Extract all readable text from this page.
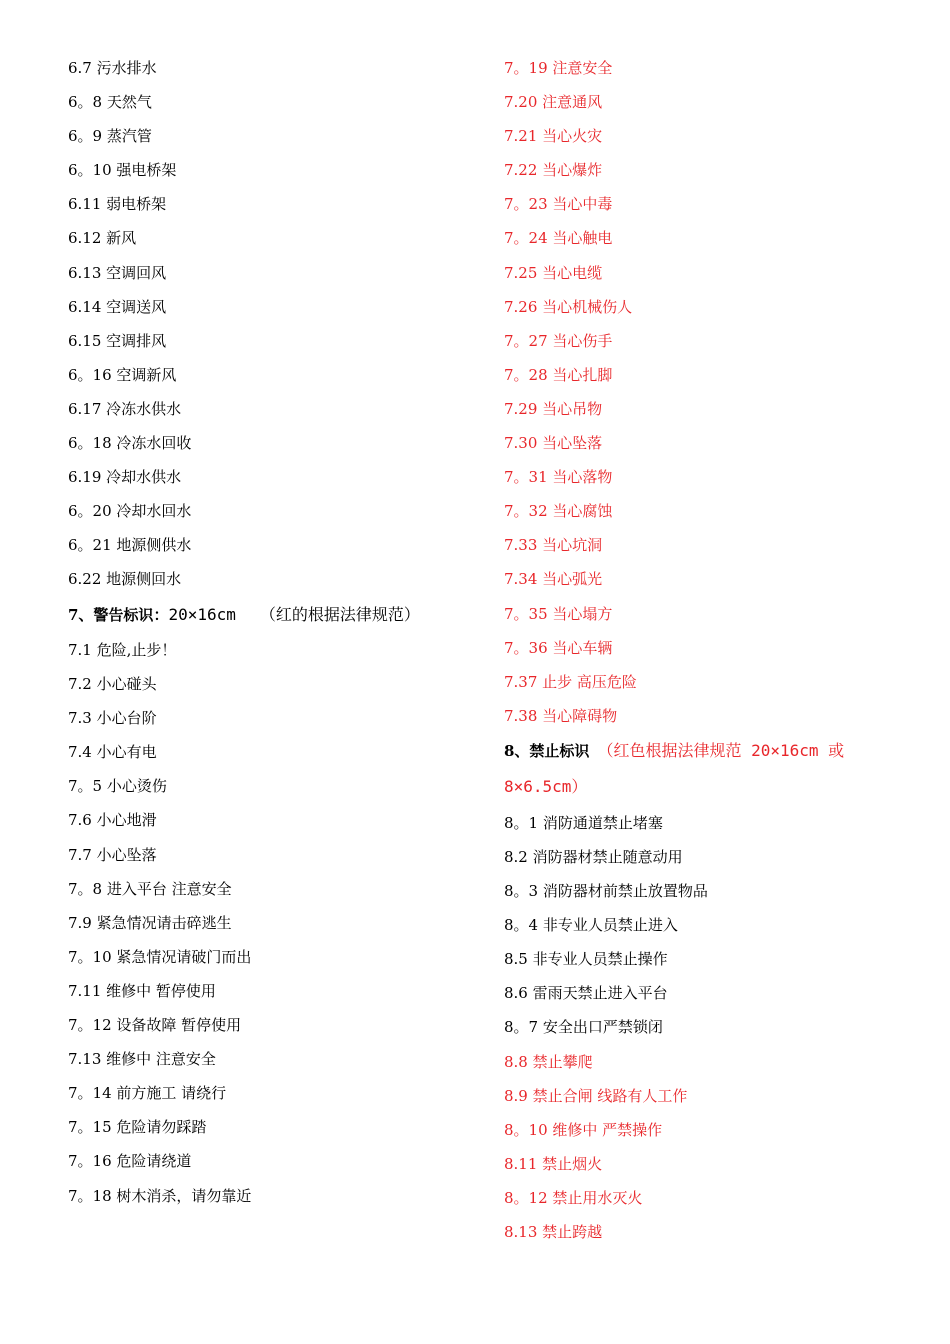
6.7 污水排水
6。8 天然气
6。9 蒸汽管
6。10 强电桥架
6.11 弱电桥架
6.12 新风
6.13 空调回风
6.14 空调送风
6.15 空调排风
6。16 空调新风
6.17 冷冻水供水
6。18 冷冻水回收
6.19 冷却水供水
6。20 冷却水回水
6。21 地源侧供水
6.22 地源侧回水
7、警告标识：20×16cm　　（红的根据法律规范）
7.1 危险,止步！
7.2 小心碰头
7.3 小心台阶
7.4 小心有电
7。5 小心烫伤
7.6 小心地滑
7.7 小心坠落
7。8 进入平台 注意安全
7.9 紧急情况请击碎逃生
7。10 紧急情况请破门而出
7.11 维修中 暂停使用
7。12 设备故障 暂停使用
7.13 维修中 注意安全
7。14 前方施工 请绕行
7。15 危险请勿踩踏
7。16 危险请绕道
7。18 树木消杀，请勿靠近
7。19 注意安全
7.20 注意通风
7.21 当心火灾
7.22 当心爆炸
7。23 当心中毒
7。24 当心触电
7.25 当心电缆
7.26 当心机械伤人
7。27 当心伤手
7。28 当心扎脚
7.29 当心吊物
7.30 当心坠落
7。31 当心落物
7。32 当心腐蚀
7.33 当心坑洞
7.34 当心弧光
7。35 当心塌方
7。36 当心车辆
7.37 止步 高压危险
7.38 当心障碍物
8、禁止标识　（红色根据法律规范 20×16cm 或 8×6.5cm）
8。1 消防通道禁止堵塞
8.2 消防器材禁止随意动用
8。3 消防器材前禁止放置物品
8。4 非专业人员禁止进入
8.5 非专业人员禁止操作
8.6 雷雨天禁止进入平台
8。7 安全出口严禁锁闭
8.8 禁止攀爬
8.9 禁止合闸 线路有人工作
8。10 维修中 严禁操作
8.11 禁止烟火
8。12 禁止用水灭火
8.13 禁止跨越
